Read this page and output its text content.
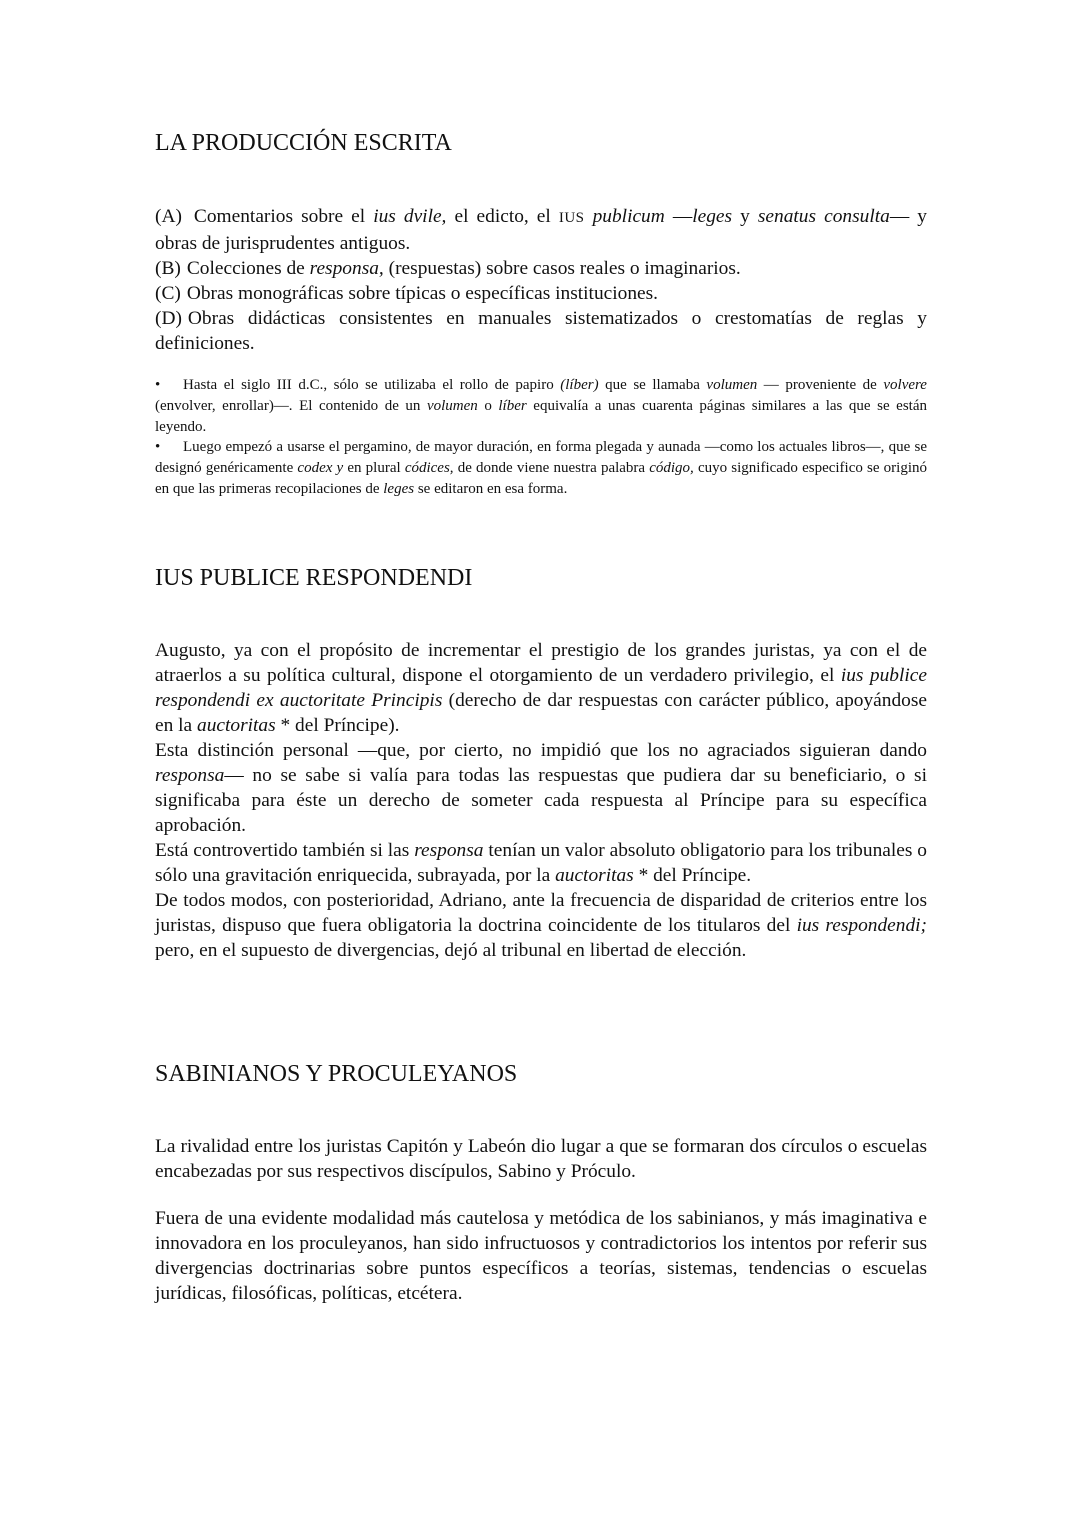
LA PRODUCCIÓN ESCRITA

(A) Comentarios sobre el ius dvile, el edicto, el IUS publicum —leges y senatus consulta— y obras de jurisprudentes antiguos.

(B) Colecciones de responsa, (respuestas) sobre casos reales o imaginarios.

(C) Obras monográficas sobre típicas o específicas instituciones.

(D) Obras didácticas consistentes en manuales sistematizados o crestomatías de reglas y definiciones.

• Hasta el siglo III d.C., sólo se utilizaba el rollo de papiro (líber) que se llamaba volumen — proveniente de volvere (envolver, enrollar)—. El contenido de un volumen o líber equivalía a unas cuarenta páginas similares a las que se están leyendo.

• Luego empezó a usarse el pergamino, de mayor duración, en forma plegada y aunada —como los actuales libros—, que se designó genéricamente codex y en plural códices, de donde viene nuestra palabra código, cuyo significado especifico se originó en que las primeras recopilaciones de leges se editaron en esa forma.

IUS PUBLICE RESPONDENDI

Augusto, ya con el propósito de incrementar el prestigio de los grandes juristas, ya con el de atraerlos a su política cultural, dispone el otorgamiento de un verdadero privilegio, el ius publice respondendi ex auctoritate Principis (derecho de dar respuestas con carácter público, apoyándose en la auctoritas * del Príncipe).

Esta distinción personal —que, por cierto, no impidió que los no agraciados siguieran dando responsa— no se sabe si valía para todas las respuestas que pudiera dar su beneficiario, o si significaba para éste un derecho de someter cada respuesta al Príncipe para su específica aprobación.

Está controvertido también si las responsa tenían un valor absoluto obligatorio para los tribunales o sólo una gravitación enriquecida, subrayada, por la auctoritas * del Príncipe.

De todos modos, con posterioridad, Adriano, ante la frecuencia de disparidad de criterios entre los juristas, dispuso que fuera obligatoria la doctrina coincidente de los titularos del ius respondendi; pero, en el supuesto de divergencias, dejó al tribunal en libertad de elección.

SABINIANOS Y PROCULEYANOS

La rivalidad entre los juristas Capitón y Labeón dio lugar a que se formaran dos círculos o escuelas encabezadas por sus respectivos discípulos, Sabino y Próculo.

Fuera de una evidente modalidad más cautelosa y metódica de los sabinianos, y más imaginativa e innovadora en los proculeyanos, han sido infructuosos y contradictorios los intentos por referir sus divergencias doctrinarias sobre puntos específicos a teorías, sistemas, tendencias o escuelas jurídicas, filosóficas, políticas, etcétera.
